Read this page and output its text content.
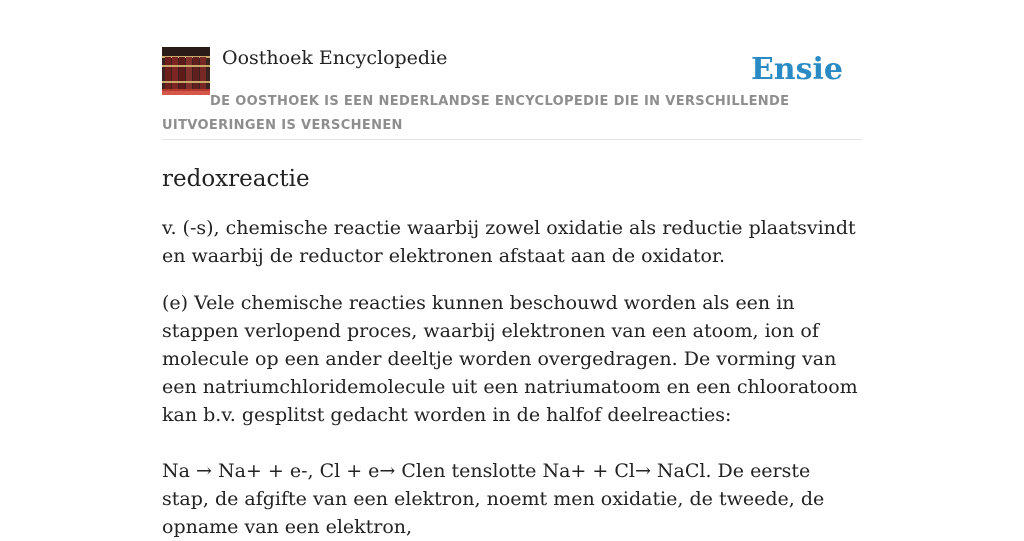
Oosthoek Encyclopedie	Ensie
DE OOSTHOEK IS EEN NEDERLANDSE ENCYCLOPEDIE DIE IN VERSCHILLENDE UITVOERINGEN IS VERSCHENEN
redoxreactie

v. (-s), chemische reactie waarbij zowel oxidatie als reductie plaatsvindt en waarbij de reductor elektronen afstaat aan de oxidator.

(e) Vele chemische reacties kunnen beschouwd worden als een in stappen verlopend proces, waarbij elektronen van een atoom, ion of molecule op een ander deeltje worden overgedragen. De vorming van een natriumchloridemolecule uit een natriumatoom en een chlooratoom kan b.v. gesplitst gedacht worden in de halfof deelreacties:

Na → Na+ + e-, Cl + e→ Clen tenslotte Na+ + Cl→ NaCl. De eerste stap, de afgifte van een elektron, noemt men oxidatie, de tweede, de opname van een elektron,
